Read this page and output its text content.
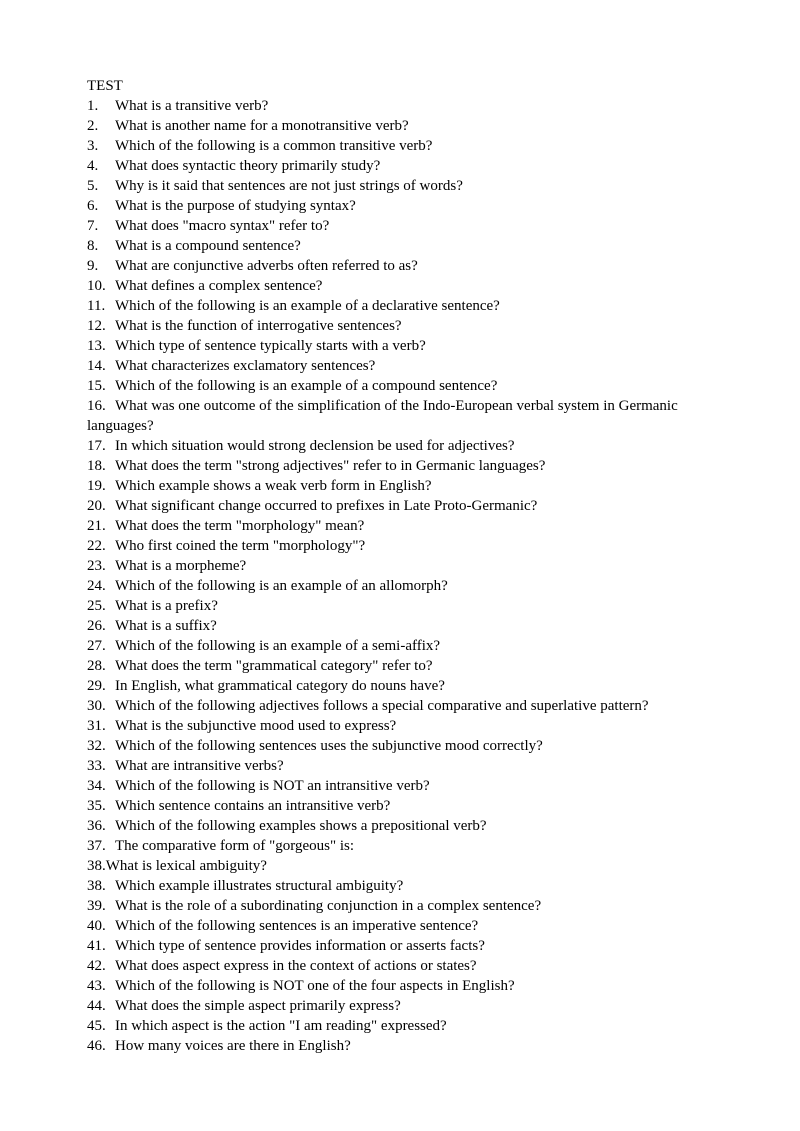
TEST
1. What is a transitive verb?
2. What is another name for a monotransitive verb?
3. Which of the following is a common transitive verb?
4. What does syntactic theory primarily study?
5. Why is it said that sentences are not just strings of words?
6. What is the purpose of studying syntax?
7. What does "macro syntax" refer to?
8. What is a compound sentence?
9. What are conjunctive adverbs often referred to as?
10. What defines a complex sentence?
11. Which of the following is an example of a declarative sentence?
12. What is the function of interrogative sentences?
13. Which type of sentence typically starts with a verb?
14. What characterizes exclamatory sentences?
15. Which of the following is an example of a compound sentence?
16. What was one outcome of the simplification of the Indo-European verbal system in Germanic languages?
17. In which situation would strong declension be used for adjectives?
18. What does the term "strong adjectives" refer to in Germanic languages?
19. Which example shows a weak verb form in English?
20. What significant change occurred to prefixes in Late Proto-Germanic?
21. What does the term "morphology" mean?
22. Who first coined the term "morphology"?
23. What is a morpheme?
24. Which of the following is an example of an allomorph?
25. What is a prefix?
26. What is a suffix?
27. Which of the following is an example of a semi-affix?
28. What does the term "grammatical category" refer to?
29. In English, what grammatical category do nouns have?
30. Which of the following adjectives follows a special comparative and superlative pattern?
31. What is the subjunctive mood used to express?
32. Which of the following sentences uses the subjunctive mood correctly?
33. What are intransitive verbs?
34. Which of the following is NOT an intransitive verb?
35. Which sentence contains an intransitive verb?
36. Which of the following examples shows a prepositional verb?
37. The comparative form of "gorgeous" is:
38.What is lexical ambiguity?
38. Which example illustrates structural ambiguity?
39. What is the role of a subordinating conjunction in a complex sentence?
40. Which of the following sentences is an imperative sentence?
41. Which type of sentence provides information or asserts facts?
42. What does aspect express in the context of actions or states?
43. Which of the following is NOT one of the four aspects in English?
44. What does the simple aspect primarily express?
45. In which aspect is the action "I am reading" expressed?
46. How many voices are there in English?
